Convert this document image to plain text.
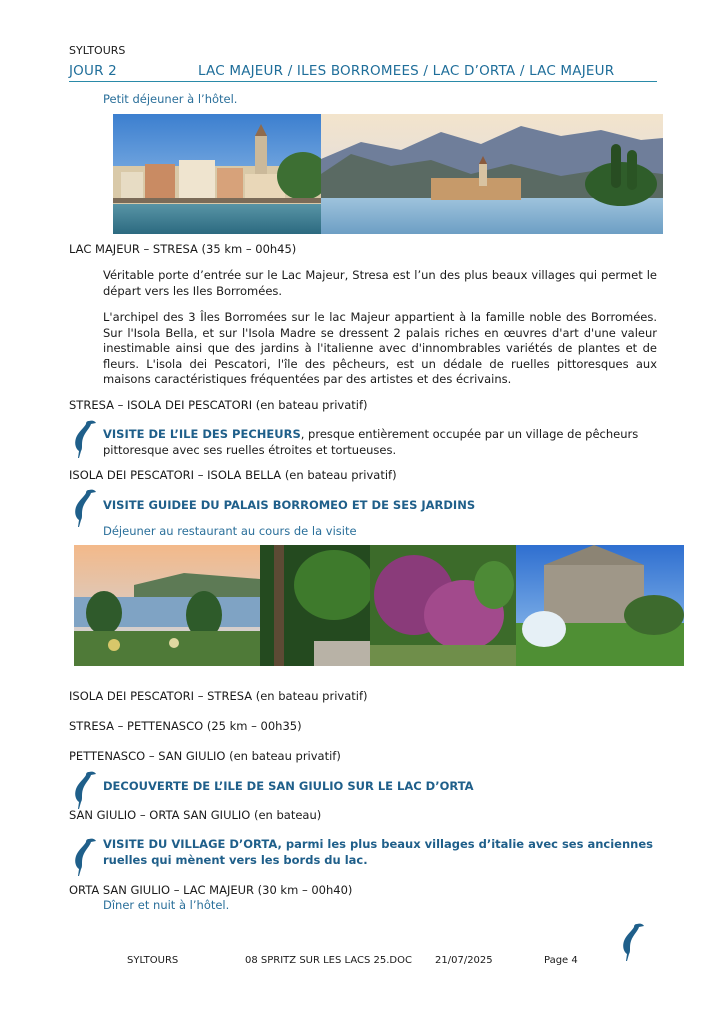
SYLTOURS
JOUR 2	LAC MAJEUR / ILES BORROMEES / LAC D’ORTA / LAC MAJEUR
Petit déjeuner à l’hôtel.
LAC MAJEUR – STRESA (35 km – 00h45)
Véritable porte d’entrée sur le Lac Majeur, Stresa est l’un des plus beaux villages qui permet le départ vers les Iles Borromées.
L'archipel des 3 Îles Borromées sur le lac Majeur appartient à la famille noble des Borromées. Sur l'Isola Bella, et sur l'Isola Madre se dressent 2 palais riches en œuvres d'art d'une valeur inestimable ainsi que des jardins à l'italienne avec d'innombrables variétés de plantes et de fleurs. L'isola dei Pescatori, l'île des pêcheurs, est un dédale de ruelles pittoresques aux maisons caractéristiques fréquentées par des artistes et des écrivains.
STRESA – ISOLA DEI PESCATORI (en bateau privatif)
VISITE DE L’ILE DES PECHEURS, presque entièrement occupée par un village de pêcheurs pittoresque avec ses ruelles étroites et tortueuses.
ISOLA DEI PESCATORI – ISOLA BELLA (en bateau privatif)
VISITE GUIDEE DU PALAIS BORROMEO ET DE SES JARDINS
Déjeuner au restaurant au cours de la visite
ISOLA DEI PESCATORI – STRESA (en bateau privatif)
STRESA – PETTENASCO (25 km – 00h35)
PETTENASCO – SAN GIULIO (en bateau privatif)
DECOUVERTE DE L’ILE DE SAN GIULIO SUR LE LAC D’ORTA
SAN GIULIO – ORTA SAN GIULIO (en bateau)
VISITE DU VILLAGE D’ORTA, parmi les plus beaux villages d’italie avec ses anciennes ruelles qui mènent vers les bords du lac.
ORTA SAN GIULIO – LAC MAJEUR (30 km – 00h40)
Dîner et nuit à l’hôtel.
SYLTOURS	08 SPRITZ SUR LES LACS 25.DOC 21/07/2025	Page 4
